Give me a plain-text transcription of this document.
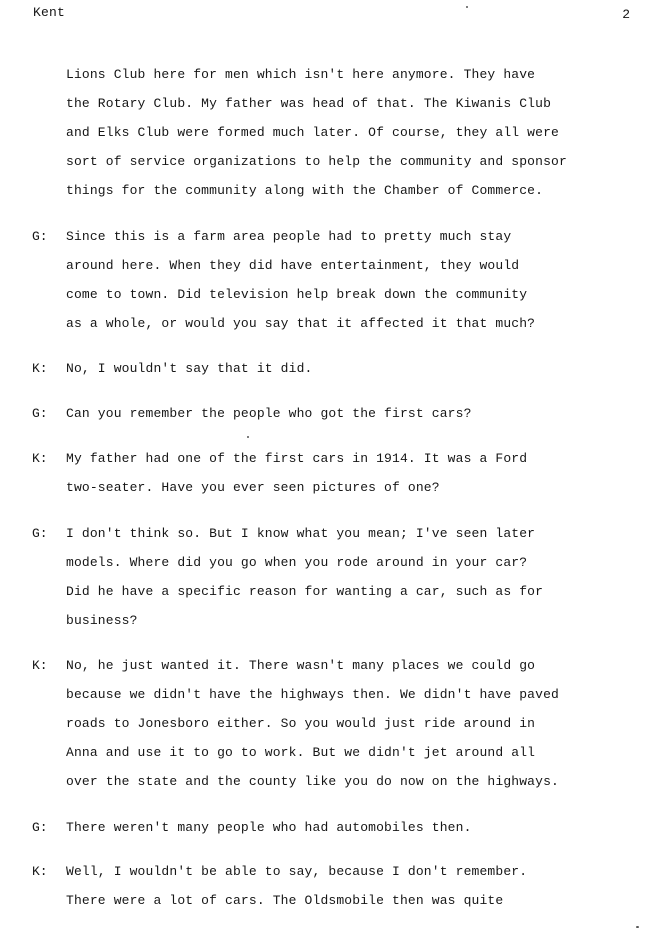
Kent	2
Lions Club here for men which isn't here anymore. They have
the Rotary Club. My father was head of that. The Kiwanis Club
and Elks Club were formed much later. Of course, they all were
sort of service organizations to help the community and sponsor
things for the community along with the Chamber of Commerce.
G: Since this is a farm area people had to pretty much stay
around here. When they did have entertainment, they would
come to town. Did television help break down the community
as a whole, or would you say that it affected it that much?
K: No, I wouldn't say that it did.
G: Can you remember the people who got the first cars?
K: My father had one of the first cars in 1914. It was a Ford
two-seater. Have you ever seen pictures of one?
G: I don't think so. But I know what you mean; I've seen later
models. Where did you go when you rode around in your car?
Did he have a specific reason for wanting a car, such as for
business?
K: No, he just wanted it. There wasn't many places we could go
because we didn't have the highways then. We didn't have paved
roads to Jonesboro either. So you would just ride around in
Anna and use it to go to work. But we didn't jet around all
over the state and the county like you do now on the highways.
G: There weren't many people who had automobiles then.
K: Well, I wouldn't be able to say, because I don't remember.
There were a lot of cars. The Oldsmobile then was quite
